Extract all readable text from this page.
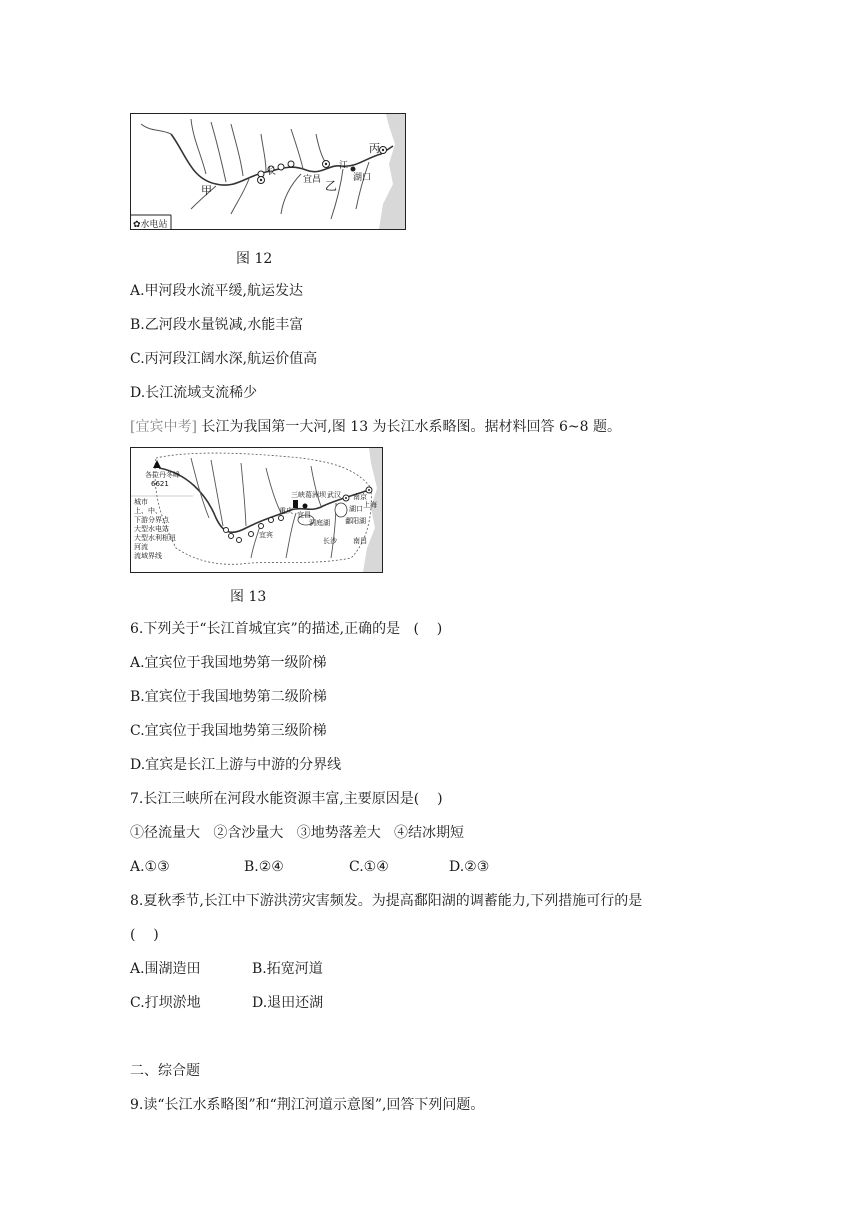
✿水电站
甲
长
宜昌 乙
江
湖口
丙
图 12
A.甲河段水流平缓,航运发达
B.乙河段水量锐减,水能丰富
C.丙河段江阔水深,航运价值高
D.长江流域支流稀少
[宜宾中考] 长江为我国第一大河,图 13 为长江水系略图。据材料回答 6~8 题。
各拉丹冬峰
6621
城市
上、中、
下游分界点
大型水电站
大型水利枢纽
河流
流域界线
重庆
宜宾
三峡 葛洲坝 武汉 南京
上海
湖口
鄱阳湖
洞庭湖
长沙 南昌
宜昌
图 13
6.下列关于“长江首城宜宾”的描述,正确的是   (    )
A.宜宾位于我国地势第一级阶梯
B.宜宾位于我国地势第二级阶梯
C.宜宾位于我国地势第三级阶梯
D.宜宾是长江上游与中游的分界线
7.长江三峡所在河段水能资源丰富,主要原因是(    )
①径流量大   ②含沙量大   ③地势落差大   ④结冰期短
A.①③	B.②④	C.①④	D.②③
8.夏秋季节,长江中下游洪涝灾害频发。为提高鄱阳湖的调蓄能力,下列措施可行的是
(    )
A.围湖造田	B.拓宽河道
C.打坝淤地	D.退田还湖
二、综合题
9.读“长江水系略图”和“荆江河道示意图”,回答下列问题。
